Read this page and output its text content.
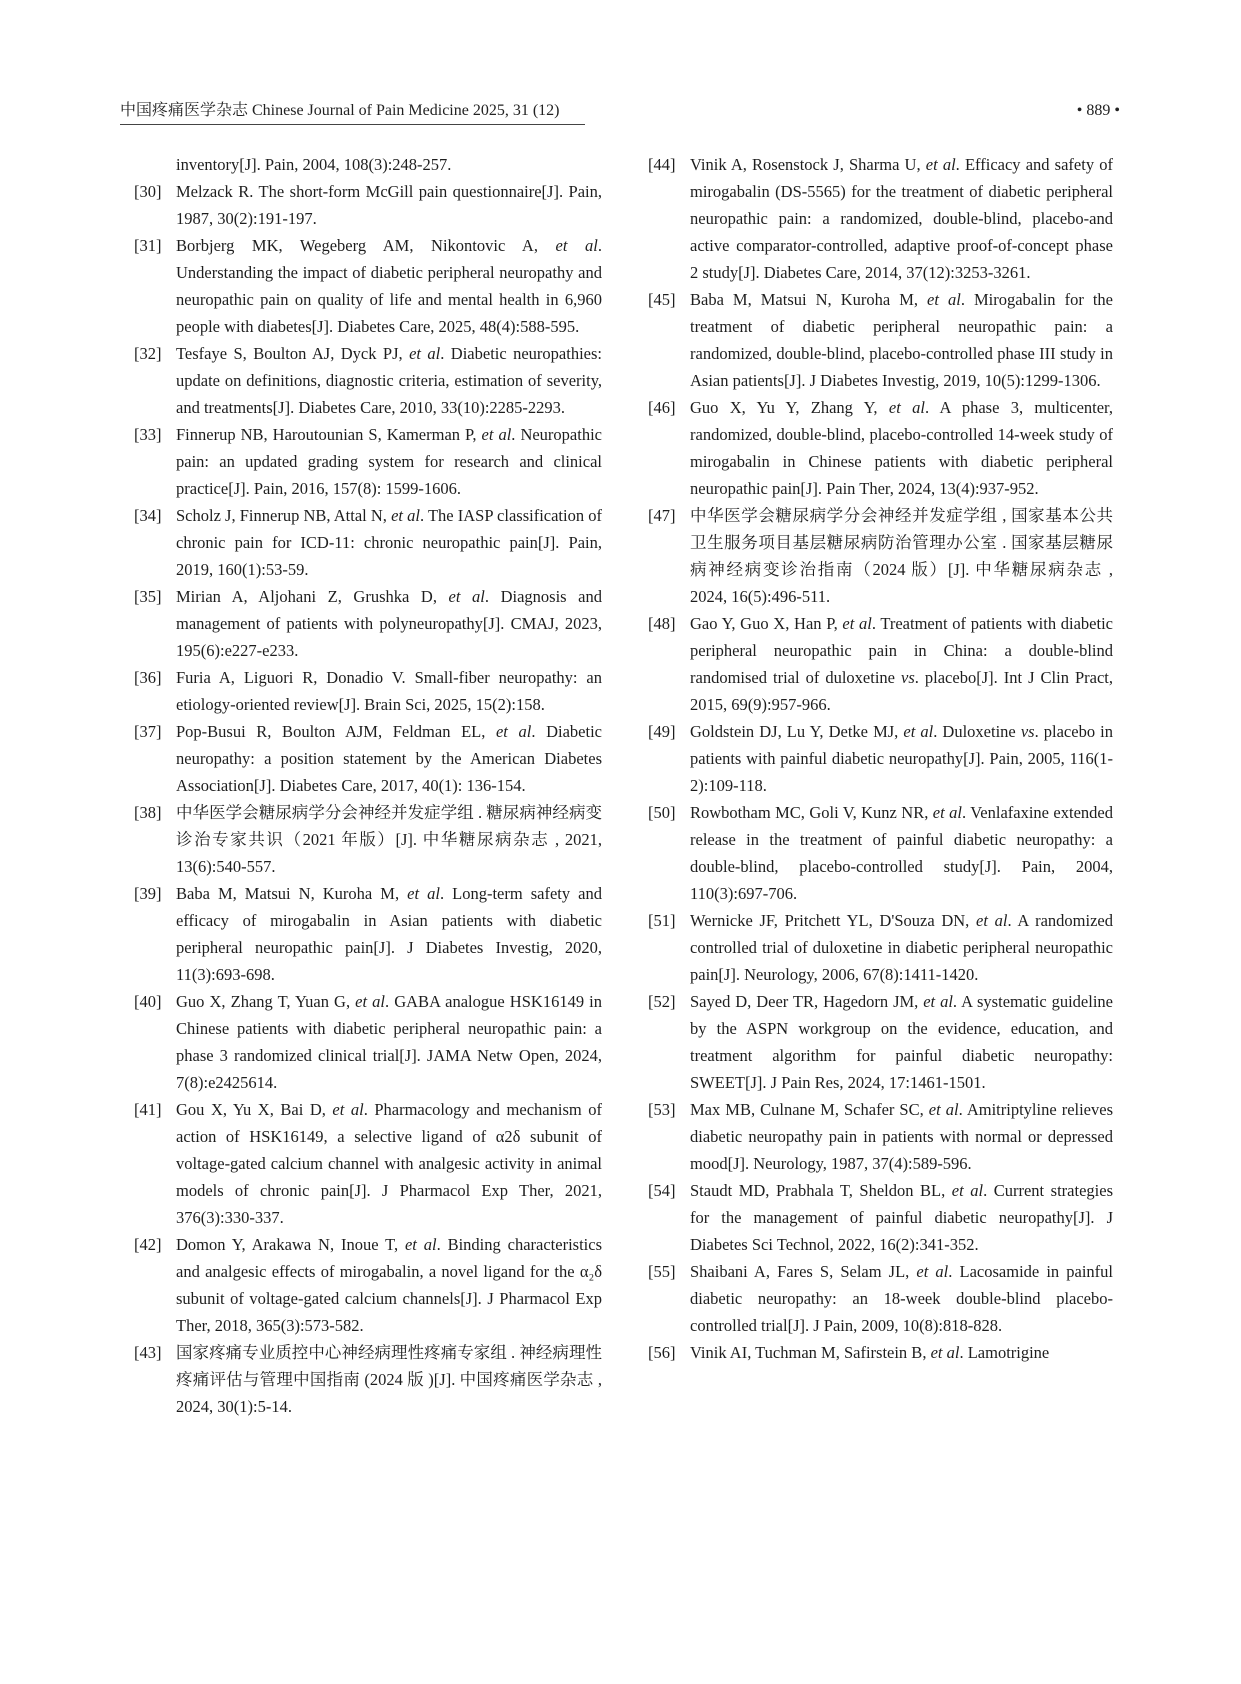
中国疼痛医学杂志 Chinese Journal of Pain Medicine 2025, 31 (12)	• 889 •

inventory[J]. Pain, 2004, 108(3):248-257.

[30] Melzack R. The short-form McGill pain questionnaire[J]. Pain, 1987, 30(2):191-197.

[31] Borbjerg MK, Wegeberg AM, Nikontovic A, et al. Understanding the impact of diabetic peripheral neuropathy and neuropathic pain on quality of life and mental health in 6,960 people with diabetes[J]. Diabetes Care, 2025, 48(4):588-595.

[32] Tesfaye S, Boulton AJ, Dyck PJ, et al. Diabetic neuropathies: update on definitions, diagnostic criteria, estimation of severity, and treatments[J]. Diabetes Care, 2010, 33(10):2285-2293.

[33] Finnerup NB, Haroutounian S, Kamerman P, et al. Neuropathic pain: an updated grading system for research and clinical practice[J]. Pain, 2016, 157(8): 1599-1606.

[34] Scholz J, Finnerup NB, Attal N, et al. The IASP classification of chronic pain for ICD-11: chronic neuropathic pain[J]. Pain, 2019, 160(1):53-59.

[35] Mirian A, Aljohani Z, Grushka D, et al. Diagnosis and management of patients with polyneuropathy[J]. CMAJ, 2023, 195(6):e227-e233.

[36] Furia A, Liguori R, Donadio V. Small-fiber neuropathy: an etiology-oriented review[J]. Brain Sci, 2025, 15(2):158.

[37] Pop-Busui R, Boulton AJM, Feldman EL, et al. Diabetic neuropathy: a position statement by the American Diabetes Association[J]. Diabetes Care, 2017, 40(1): 136-154.

[38] 中华医学会糖尿病学分会神经并发症学组 . 糖尿病神经病变诊治专家共识（2021 年版）[J]. 中华糖尿病杂志 , 2021, 13(6):540-557.

[39] Baba M, Matsui N, Kuroha M, et al. Long-term safety and efficacy of mirogabalin in Asian patients with diabetic peripheral neuropathic pain[J]. J Diabetes Investig, 2020, 11(3):693-698.

[40] Guo X, Zhang T, Yuan G, et al. GABA analogue HSK16149 in Chinese patients with diabetic peripheral neuropathic pain: a phase 3 randomized clinical trial[J]. JAMA Netw Open, 2024, 7(8):e2425614.

[41] Gou X, Yu X, Bai D, et al. Pharmacology and mechanism of action of HSK16149, a selective ligand of α2δ subunit of voltage-gated calcium channel with analgesic activity in animal models of chronic pain[J]. J Pharmacol Exp Ther, 2021, 376(3):330-337.

[42] Domon Y, Arakawa N, Inoue T, et al. Binding characteristics and analgesic effects of mirogabalin, a novel ligand for the α₂δ subunit of voltage-gated calcium channels[J]. J Pharmacol Exp Ther, 2018, 365(3):573-582.

[43] 国家疼痛专业质控中心神经病理性疼痛专家组 . 神经病理性疼痛评估与管理中国指南 (2024 版 )[J]. 中国疼痛医学杂志 , 2024, 30(1):5-14.

[44] Vinik A, Rosenstock J, Sharma U, et al. Efficacy and safety of mirogabalin (DS-5565) for the treatment of diabetic peripheral neuropathic pain: a randomized, double-blind, placebo-and active comparator-controlled, adaptive proof-of-concept phase 2 study[J]. Diabetes Care, 2014, 37(12):3253-3261.

[45] Baba M, Matsui N, Kuroha M, et al. Mirogabalin for the treatment of diabetic peripheral neuropathic pain: a randomized, double-blind, placebo-controlled phase III study in Asian patients[J]. J Diabetes Investig, 2019, 10(5):1299-1306.

[46] Guo X, Yu Y, Zhang Y, et al. A phase 3, multicenter, randomized, double-blind, placebo-controlled 14-week study of mirogabalin in Chinese patients with diabetic peripheral neuropathic pain[J]. Pain Ther, 2024, 13(4):937-952.

[47] 中华医学会糖尿病学分会神经并发症学组 , 国家基本公共卫生服务项目基层糖尿病防治管理办公室 . 国家基层糖尿病神经病变诊治指南（2024 版）[J]. 中华糖尿病杂志 , 2024, 16(5):496-511.

[48] Gao Y, Guo X, Han P, et al. Treatment of patients with diabetic peripheral neuropathic pain in China: a double-blind randomised trial of duloxetine vs. placebo[J]. Int J Clin Pract, 2015, 69(9):957-966.

[49] Goldstein DJ, Lu Y, Detke MJ, et al. Duloxetine vs. placebo in patients with painful diabetic neuropathy[J]. Pain, 2005, 116(1-2):109-118.

[50] Rowbotham MC, Goli V, Kunz NR, et al. Venlafaxine extended release in the treatment of painful diabetic neuropathy: a double-blind, placebo-controlled study[J]. Pain, 2004, 110(3):697-706.

[51] Wernicke JF, Pritchett YL, D'Souza DN, et al. A randomized controlled trial of duloxetine in diabetic peripheral neuropathic pain[J]. Neurology, 2006, 67(8):1411-1420.

[52] Sayed D, Deer TR, Hagedorn JM, et al. A systematic guideline by the ASPN workgroup on the evidence, education, and treatment algorithm for painful diabetic neuropathy: SWEET[J]. J Pain Res, 2024, 17:1461-1501.

[53] Max MB, Culnane M, Schafer SC, et al. Amitriptyline relieves diabetic neuropathy pain in patients with normal or depressed mood[J]. Neurology, 1987, 37(4):589-596.

[54] Staudt MD, Prabhala T, Sheldon BL, et al. Current strategies for the management of painful diabetic neuropathy[J]. J Diabetes Sci Technol, 2022, 16(2):341-352.

[55] Shaibani A, Fares S, Selam JL, et al. Lacosamide in painful diabetic neuropathy: an 18-week double-blind placebo-controlled trial[J]. J Pain, 2009, 10(8):818-828.

[56] Vinik AI, Tuchman M, Safirstein B, et al. Lamotrigine
